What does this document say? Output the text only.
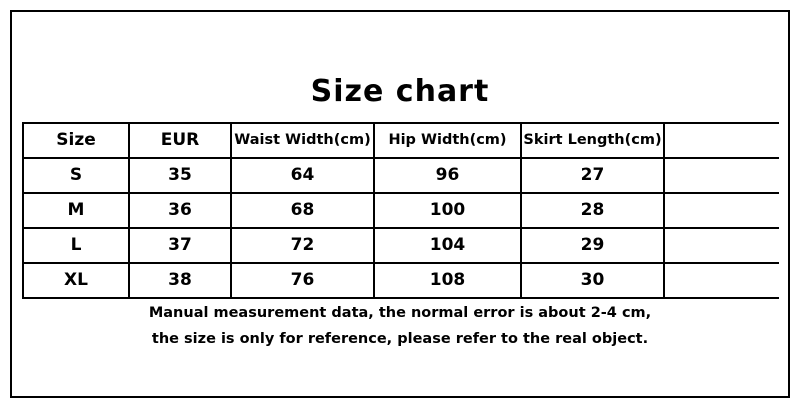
Size chart
Size	EUR	Waist Width(cm)	Hip Width(cm)	Skirt Length(cm)	
S	35	64	96	27	
M	36	68	100	28	
L	37	72	104	29	
XL	38	76	108	30	
Manual measurement data, the normal error is about 2-4 cm,
the size is only for reference, please refer to the real object.
